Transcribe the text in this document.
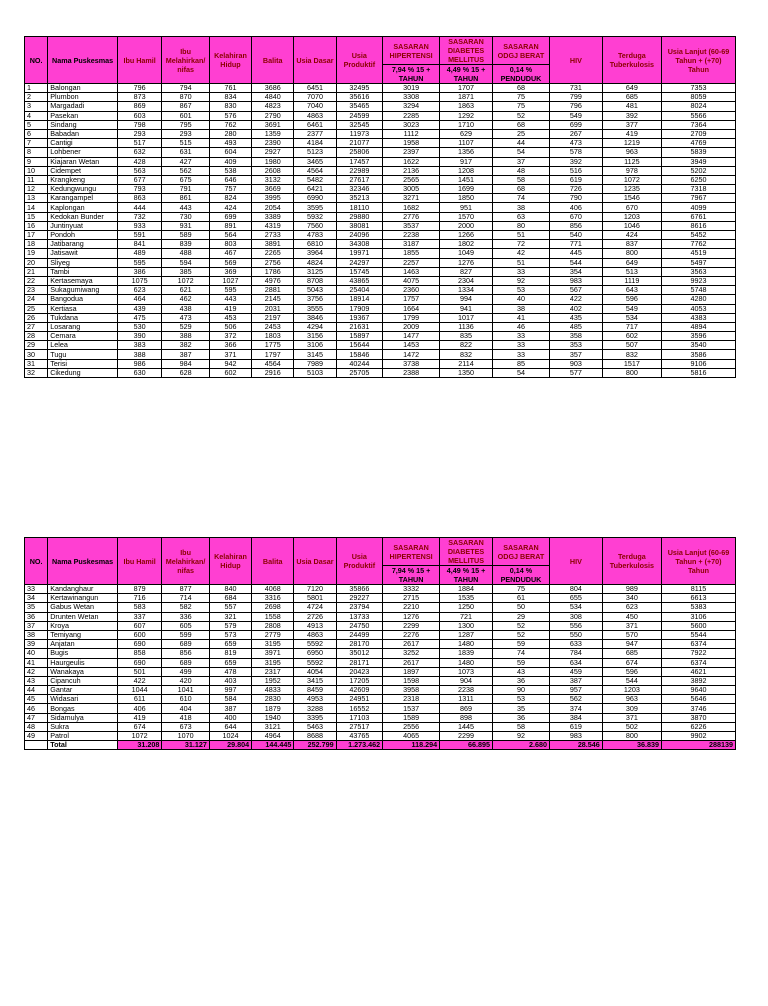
NO.	Nama Puskesmas	Ibu Hamil	Ibu Melahirkan/ nifas	Kelahiran Hidup	Balita	Usia Dasar	Usia Produktif	SASARAN HIPERTENSI	SASARAN DIABETES MELLITUS	SASARAN ODGJ BERAT	HIV	Terduga Tuberkulosis	Usia Lanjut (60-69 Tahun + (+70) Tahun
								7,94 % 15 + TAHUN	4,49 % 15 + TAHUN	0,14 % PENDUDUK			
1	Balongan	796	794	761	3686	6451	32495	3019	1707	68	731	649	7353
2	Plumbon	873	870	834	4840	7070	35616	3308	1871	75	799	685	8059
3	Margadadi	869	867	830	4823	7040	35465	3294	1863	75	796	481	8024
4	Pasekan	603	601	576	2790	4863	24599	2285	1292	52	549	392	5566
5	Sindang	798	795	762	3691	6461	32545	3023	1710	68	699	377	7364
6	Babadan	293	293	280	1359	2377	11973	1112	629	25	267	419	2709
7	Cantigi	517	515	493	2390	4184	21077	1958	1107	44	473	1219	4769
8	Lohbener	632	631	604	2927	5123	25806	2397	1356	54	578	963	5839
9	Kiajaran Wetan	428	427	409	1980	3465	17457	1622	917	37	392	1125	3949
10	Cidempet	563	562	538	2608	4564	22989	2136	1208	48	516	978	5202
11	Krangkeng	677	675	646	3132	5482	27617	2565	1451	58	619	1072	6250
12	Kedungwungu	793	791	757	3669	6421	32346	3005	1699	68	726	1235	7318
13	Karangampel	863	861	824	3995	6990	35213	3271	1850	74	790	1546	7967
14	Kaplongan	444	443	424	2054	3595	18110	1682	951	38	406	670	4099
15	Kedokan Bunder	732	730	699	3389	5932	29880	2776	1570	63	670	1203	6761
16	Juntinyuat	933	931	891	4319	7560	38081	3537	2000	80	856	1046	8616
17	Pondoh	591	589	564	2733	4783	24096	2238	1266	51	540	424	5452
18	Jatibarang	841	839	803	3891	6810	34308	3187	1802	72	771	837	7762
19	Jatisawit	489	488	467	2265	3964	19971	1855	1049	42	445	800	4519
20	Sliyeg	595	594	569	2756	4824	24297	2257	1276	51	544	649	5497
21	Tambi	386	385	369	1786	3125	15745	1463	827	33	354	513	3563
22	Kertasemaya	1075	1072	1027	4976	8708	43865	4075	2304	92	983	1119	9923
23	Sukagumiwang	623	621	595	2881	5043	25404	2360	1334	53	567	643	5748
24	Bangodua	464	462	443	2145	3756	18914	1757	994	40	422	596	4280
25	Kertiasa	439	438	419	2031	3555	17909	1664	941	38	402	549	4053
26	Tukdana	475	473	453	2197	3846	19367	1799	1017	41	435	534	4383
27	Losarang	530	529	506	2453	4294	21631	2009	1136	46	485	717	4894
28	Cemara	390	388	372	1803	3156	15897	1477	835	33	358	602	3596
29	Lelea	383	382	366	1775	3106	15644	1453	822	33	353	507	3540
30	Tugu	388	387	371	1797	3145	15846	1472	832	33	357	832	3586
31	Terisi	986	984	942	4564	7989	40244	3738	2114	85	903	1517	9106
32	Cikedung	630	628	602	2916	5103	25705	2388	1350	54	577	800	5816
NO.	Nama Puskesmas	Ibu Hamil	Ibu Melahirkan/ nifas	Kelahiran Hidup	Balita	Usia Dasar	Usia Produktif	SASARAN HIPERTENSI	SASARAN DIABETES MELLITUS	SASARAN ODGJ BERAT	HIV	Terduga Tuberkulosis	Usia Lanjut (60-69 Tahun + (+70) Tahun
								7,94 % 15 + TAHUN	4,49 % 15 + TAHUN	0,14 % PENDUDUK			
33	Kandanghaur	879	877	840	4068	7120	35866	3332	1884	75	804	989	8115
34	Kertawinangun	716	714	684	3316	5801	29227	2715	1535	61	655	340	6613
35	Gabus Wetan	583	582	557	2698	4724	23794	2210	1250	50	534	623	5383
36	Drunten Wetan	337	336	321	1558	2726	13733	1276	721	29	308	450	3106
37	Kroya	607	605	579	2808	4913	24750	2299	1300	52	556	371	5600
38	Temiyang	600	599	573	2779	4863	24499	2276	1287	52	550	570	5544
39	Anjatan	690	689	659	3195	5592	28170	2617	1480	59	633	947	6374
40	Bugis	858	856	819	3971	6950	35012	3252	1839	74	784	685	7922
41	Haurgeulis	690	689	659	3195	5592	28171	2617	1480	59	634	674	6374
42	Wanakaya	501	499	478	2317	4054	20423	1897	1073	43	459	596	4621
43	Cipancuh	422	420	403	1952	3415	17205	1598	904	36	387	544	3892
44	Gantar	1044	1041	997	4833	8459	42609	3958	2238	90	957	1203	9640
45	Widasari	611	610	584	2830	4953	24951	2318	1311	53	562	963	5646
46	Bongas	406	404	387	1879	3288	16552	1537	869	35	374	309	3746
47	Sidamulya	419	418	400	1940	3395	17103	1589	898	36	384	371	3870
48	Sukra	674	673	644	3121	5463	27517	2556	1445	58	619	502	6226
49	Patrol	1072	1070	1024	4964	8688	43765	4065	2299	92	983	800	9902
	Total	31.208	31.127	29.804	144.445	252.799	1.273.462	118.294	66.895	2.680	28.546	36.839	288139
